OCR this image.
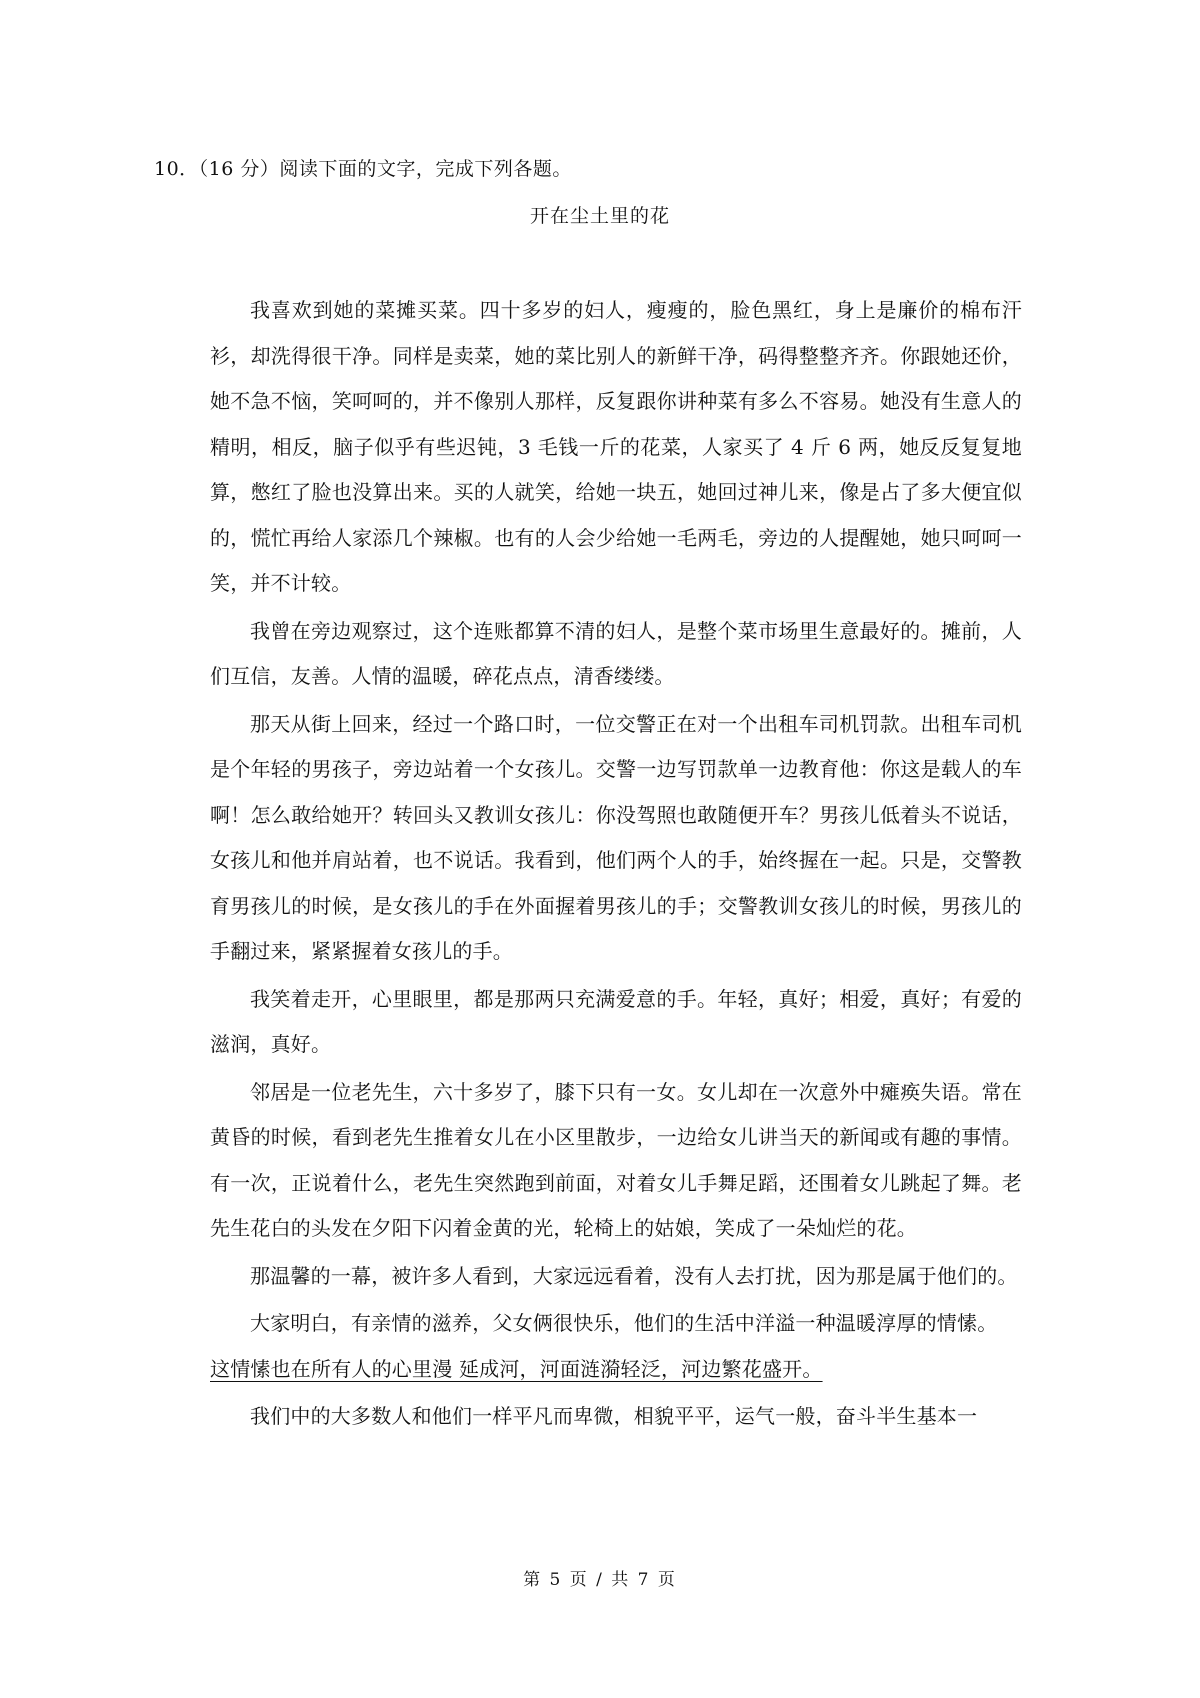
10．（16 分）阅读下面的文字，完成下列各题。
开在尘土里的花

我喜欢到她的菜摊买菜。四十多岁的妇人，瘦瘦的，脸色黑红，身上是廉价的棉布汗衫，却洗得很干净。同样是卖菜，她的菜比别人的新鲜干净，码得整整齐齐。你跟她还价，她不急不恼，笑呵呵的，并不像别人那样，反复跟你讲种菜有多么不容易。她没有生意人的精明，相反，脑子似乎有些迟钝，3 毛钱一斤的花菜，人家买了 4 斤 6 两，她反反复复地算，憋红了脸也没算出来。买的人就笑，给她一块五，她回过神儿来，像是占了多大便宜似的，慌忙再给人家添几个辣椒。也有的人会少给她一毛两毛，旁边的人提醒她，她只呵呵一笑，并不计较。

我曾在旁边观察过，这个连账都算不清的妇人，是整个菜市场里生意最好的。摊前，人们互信，友善。人情的温暖，碎花点点，清香缕缕。

那天从街上回来，经过一个路口时，一位交警正在对一个出租车司机罚款。出租车司机是个年轻的男孩子，旁边站着一个女孩儿。交警一边写罚款单一边教育他：你这是载人的车啊！怎么敢给她开？转回头又教训女孩儿：你没驾照也敢随便开车？男孩儿低着头不说话，女孩儿和他并肩站着，也不说话。我看到，他们两个人的手，始终握在一起。只是，交警教育男孩儿的时候，是女孩儿的手在外面握着男孩儿的手；交警教训女孩儿的时候，男孩儿的手翻过来，紧紧握着女孩儿的手。

我笑着走开，心里眼里，都是那两只充满爱意的手。年轻，真好；相爱，真好；有爱的滋润，真好。

邻居是一位老先生，六十多岁了，膝下只有一女。女儿却在一次意外中瘫痪失语。常在黄昏的时候，看到老先生推着女儿在小区里散步，一边给女儿讲当天的新闻或有趣的事情。有一次，正说着什么，老先生突然跑到前面，对着女儿手舞足蹈，还围着女儿跳起了舞。老先生花白的头发在夕阳下闪着金黄的光，轮椅上的姑娘，笑成了一朵灿烂的花。

那温馨的一幕，被许多人看到，大家远远看着，没有人去打扰，因为那是属于他们的。

大家明白，有亲情的滋养，父女俩很快乐，他们的生活中洋溢一种温暖淳厚的情愫。
这情愫也在所有人的心里漫 延成河，河面涟漪轻泛，河边繁花盛开。

我们中的大多数人和他们一样平凡而卑微，相貌平平，运气一般，奋斗半生基本一

第 5 页 / 共 7 页
